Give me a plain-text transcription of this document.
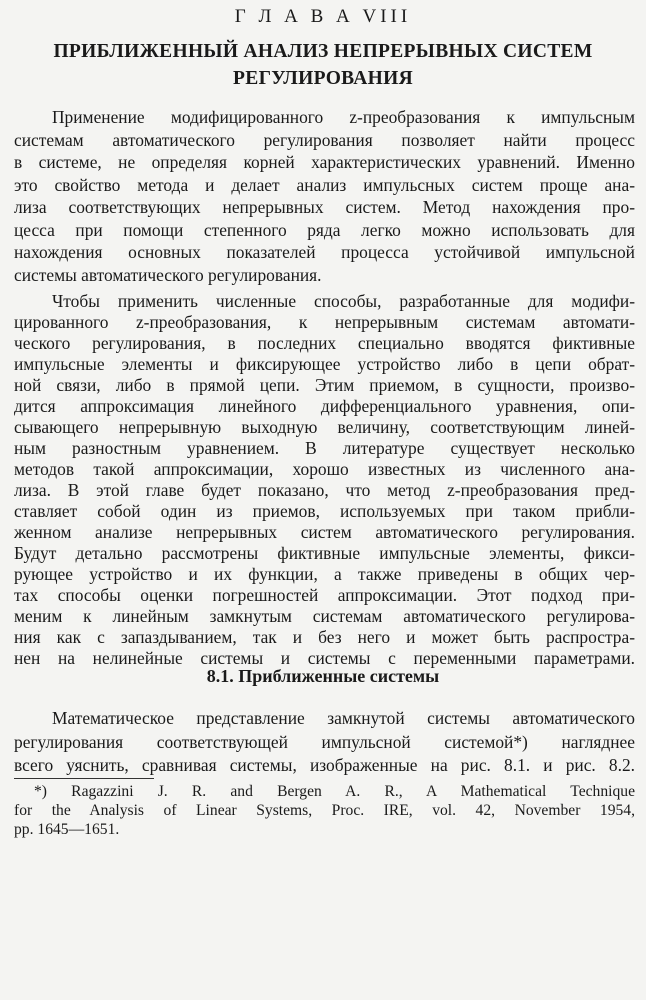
Г Л А В А VIII
ПРИБЛИЖЕННЫЙ АНАЛИЗ НЕПРЕРЫВНЫХ СИСТЕМ
РЕГУЛИРОВАНИЯ
Применение модифицированного z-преобразования к импульсным
системам автоматического регулирования позволяет найти процесс
в системе, не определяя корней характеристических уравнений. Именно
это свойство метода и делает анализ импульсных систем проще ана-
лиза соответствующих непрерывных систем. Метод нахождения про-
цесса при помощи степенного ряда легко можно использовать для
нахождения основных показателей процесса устойчивой импульсной
системы автоматического регулирования.
Чтобы применить численные способы, разработанные для модифи-
цированного z-преобразования, к непрерывным системам автомати-
ческого регулирования, в последних специально вводятся фиктивные
импульсные элементы и фиксирующее устройство либо в цепи обрат-
ной связи, либо в прямой цепи. Этим приемом, в сущности, произво-
дится аппроксимация линейного дифференциального уравнения, опи-
сывающего непрерывную выходную величину, соответствующим линей-
ным разностным уравнением. В литературе существует несколько
методов такой аппроксимации, хорошо известных из численного ана-
лиза. В этой главе будет показано, что метод z-преобразования пред-
ставляет собой один из приемов, используемых при таком прибли-
женном анализе непрерывных систем автоматического регулирования.
Будут детально рассмотрены фиктивные импульсные элементы, фикси-
рующее устройство и их функции, а также приведены в общих чер-
тах способы оценки погрешностей аппроксимации. Этот подход при-
меним к линейным замкнутым системам автоматического регулирова-
ния как с запаздыванием, так и без него и может быть распростра-
нен на нелинейные системы и системы с переменными параметрами.
8.1. Приближенные системы
Математическое представление замкнутой системы автоматического
регулирования соответствующей импульсной системой*) нагляднее
всего уяснить, сравнивая системы, изображенные на рис. 8.1. и рис. 8.2.
*) Ragazzini J. R. and Bergen A. R., A Mathematical Technique
for the Analysis of Linear Systems, Proc. IRE, vol. 42, November 1954,
pp. 1645—1651.
